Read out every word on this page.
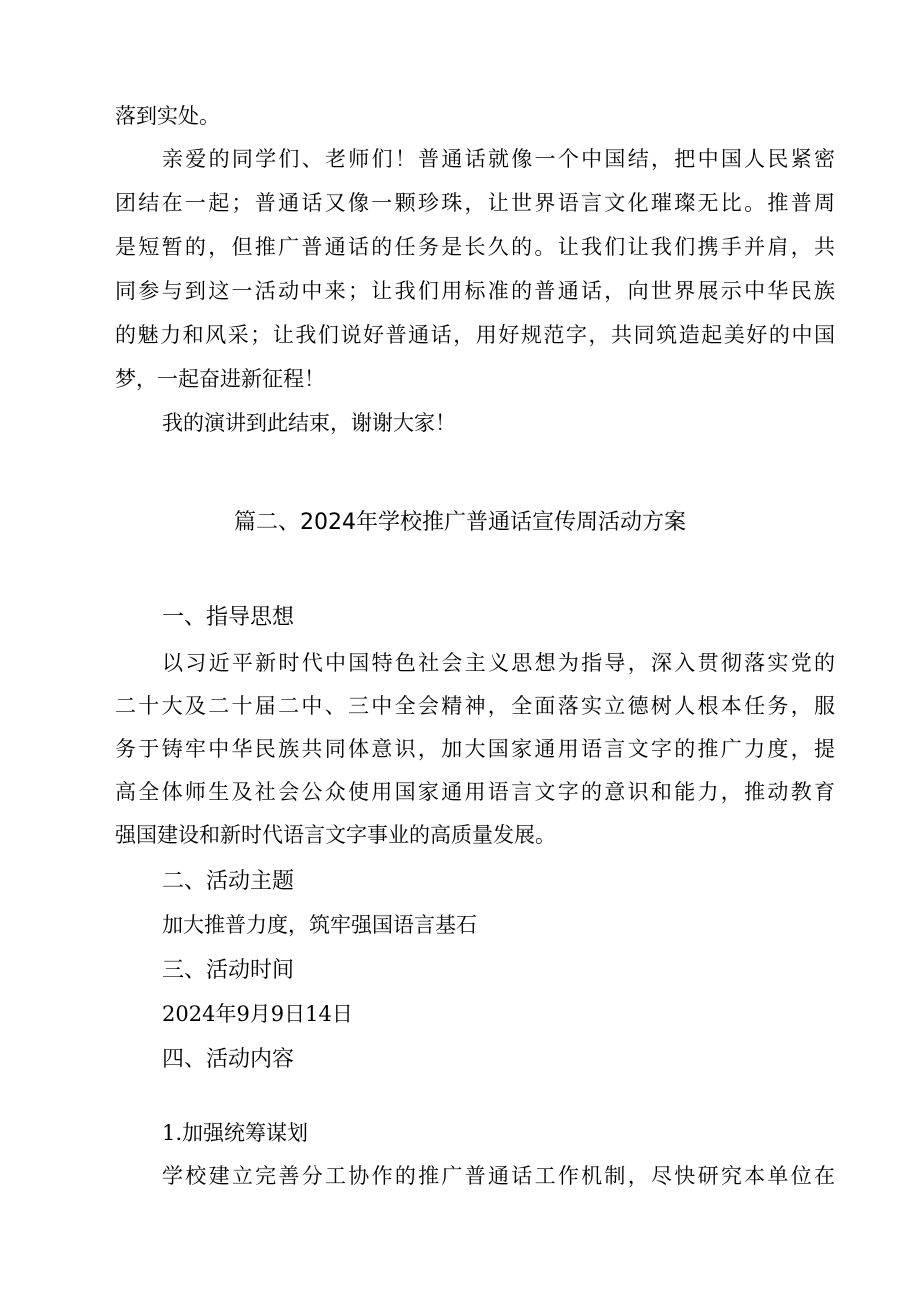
落到实处。
亲爱的同学们、老师们！普通话就像一个中国结，把中国人民紧密
团结在一起；普通话又像一颗珍珠，让世界语言文化璀璨无比。推普周
是短暂的，但推广普通话的任务是长久的。让我们让我们携手并肩，共
同参与到这一活动中来；让我们用标准的普通话，向世界展示中华民族
的魅力和风采；让我们说好普通话，用好规范字，共同筑造起美好的中国
梦，一起奋进新征程！
我的演讲到此结束，谢谢大家！
篇二、2024年学校推广普通话宣传周活动方案
一、指导思想
以习近平新时代中国特色社会主义思想为指导，深入贯彻落实党的
二十大及二十届二中、三中全会精神，全面落实立德树人根本任务，服
务于铸牢中华民族共同体意识，加大国家通用语言文字的推广力度，提
高全体师生及社会公众使用国家通用语言文字的意识和能力，推动教育
强国建设和新时代语言文字事业的高质量发展。
二、活动主题
加大推普力度，筑牢强国语言基石
三、活动时间
2024年9月9日14日
四、活动内容
1.加强统筹谋划
学校建立完善分工协作的推广普通话工作机制，尽快研究本单位在
